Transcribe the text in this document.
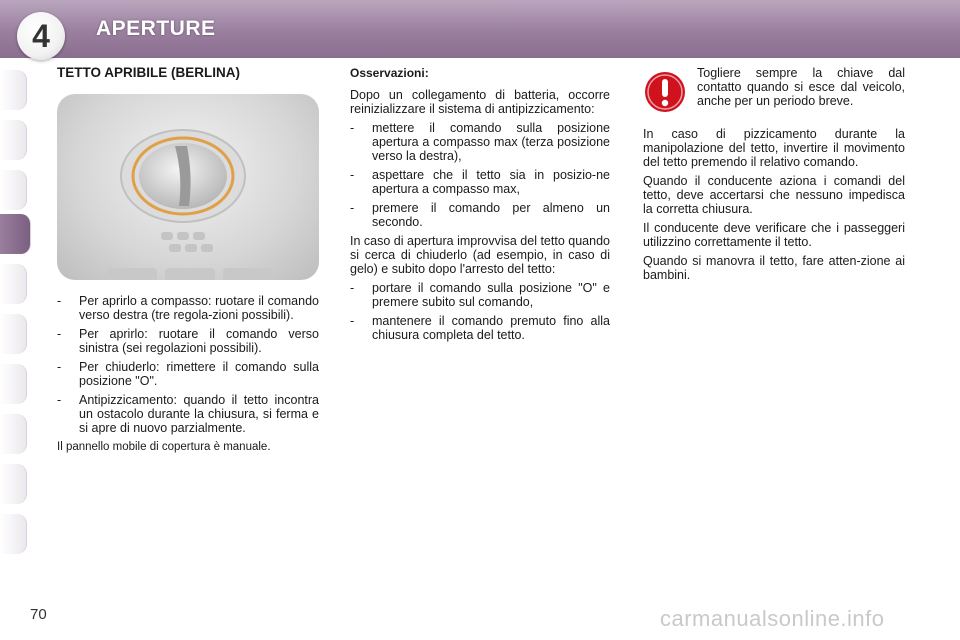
4	APERTURE
TETTO APRIBILE (BERLINA)
-	Per aprirlo a compasso: ruotare il comando verso destra (tre regola-zioni possibili).
-	Per aprirlo: ruotare il comando verso sinistra (sei regolazioni possibili).
-	Per chiuderlo: rimettere il comando sulla posizione "O".
-	Antipizzicamento: quando il tetto incontra un ostacolo durante la chiusura, si ferma e si apre di nuovo parzialmente.

Il pannello mobile di copertura è manuale.

Osservazioni:

Dopo un collegamento di batteria, occorre reinizializzare il sistema di antipizzicamento:

-	mettere il comando sulla posizione apertura a compasso max (terza posizione verso la destra),
-	aspettare che il tetto sia in posizio-ne apertura a compasso max,
-	premere il comando per almeno un secondo.

In caso di apertura improvvisa del tetto quando si cerca di chiuderlo (ad esempio, in caso di gelo) e subito dopo l'arresto del tetto:

-	portare il comando sulla posizione "O" e premere subito sul comando,
-	mantenere il comando premuto fino alla chiusura completa del tetto.
Togliere sempre la chiave dal contatto quando si esce dal veicolo, anche per un periodo breve.

In caso di pizzicamento durante la manipolazione del tetto, invertire il movimento del tetto premendo il relativo comando.

Quando il conducente aziona i comandi del tetto, deve accertarsi che nessuno impedisca la corretta chiusura.

Il conducente deve verificare che i passeggeri utilizzino correttamente il tetto.

Quando si manovra il tetto, fare atten-zione ai bambini.

70	carmanualsonline.info
